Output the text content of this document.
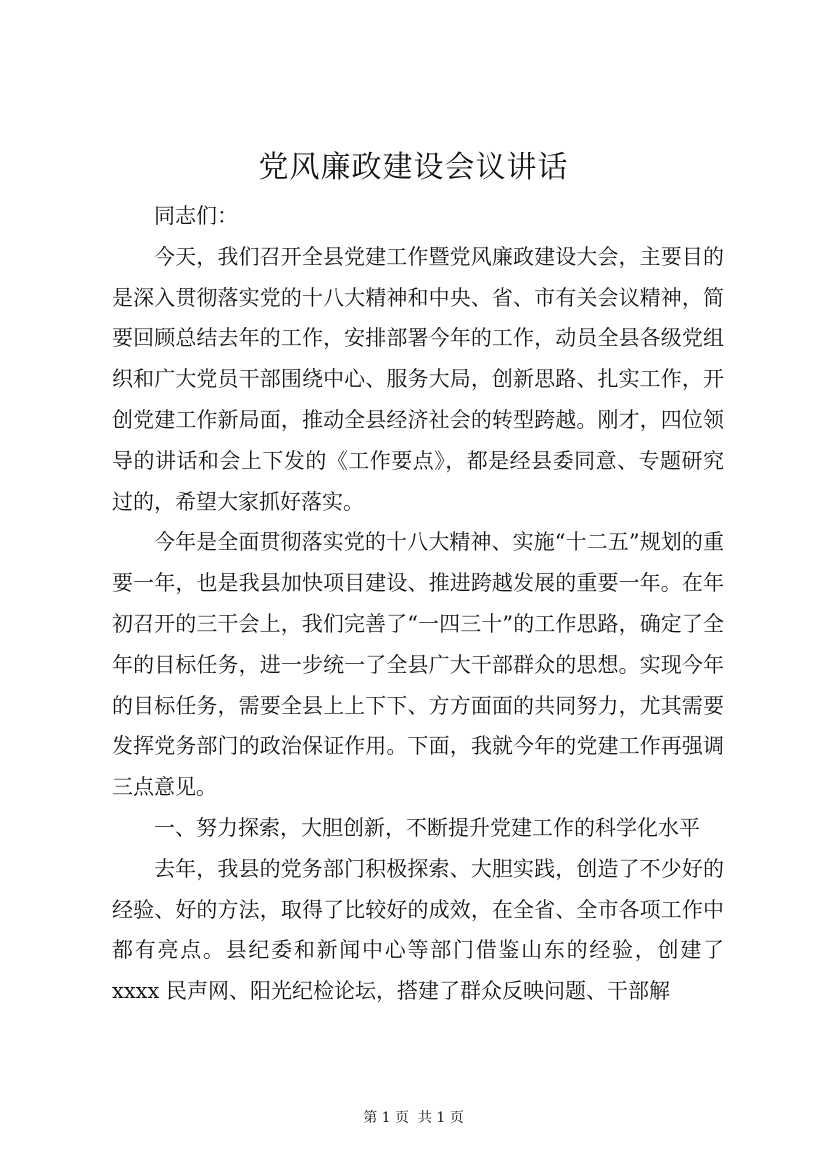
党风廉政建设会议讲话

同志们：

今天，我们召开全县党建工作暨党风廉政建设大会，主要目的是深入贯彻落实党的十八大精神和中央、省、市有关会议精神，简要回顾总结去年的工作，安排部署今年的工作，动员全县各级党组织和广大党员干部围绕中心、服务大局，创新思路、扎实工作，开创党建工作新局面，推动全县经济社会的转型跨越。刚才，四位领导的讲话和会上下发的《工作要点》，都是经县委同意、专题研究过的，希望大家抓好落实。

今年是全面贯彻落实党的十八大精神、实施“十二五”规划的重要一年，也是我县加快项目建设、推进跨越发展的重要一年。在年初召开的三干会上，我们完善了“一四三十”的工作思路，确定了全年的目标任务，进一步统一了全县广大干部群众的思想。实现今年的目标任务，需要全县上上下下、方方面面的共同努力，尤其需要发挥党务部门的政治保证作用。下面，我就今年的党建工作再强调三点意见。

一、努力探索，大胆创新，不断提升党建工作的科学化水平

去年，我县的党务部门积极探索、大胆实践，创造了不少好的经验、好的方法，取得了比较好的成效，在全省、全市各项工作中都有亮点。县纪委和新闻中心等部门借鉴山东的经验，创建了 xxxx 民声网、阳光纪检论坛，搭建了群众反映问题、干部解

第 1 页  共 1 页
